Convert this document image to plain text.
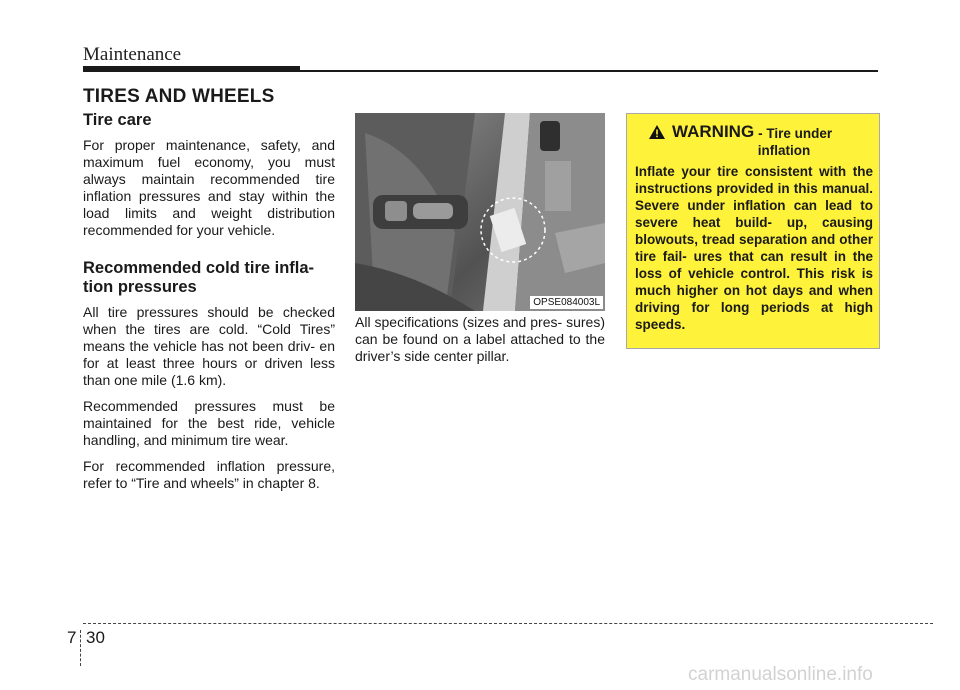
Maintenance
TIRES AND WHEELS
Tire care

For proper maintenance, safety, and maximum fuel economy, you must always maintain recommended tire inflation pressures and stay within the load limits and weight distribution recommended for your vehicle.

Recommended cold tire infla- tion pressures

All tire pressures should be checked when the tires are cold. “Cold Tires” means the vehicle has not been driv- en for at least three hours or driven less than one mile (1.6 km).

Recommended pressures must be maintained for the best ride, vehicle handling, and minimum tire wear.

For recommended inflation pressure, refer to “Tire and wheels” in chapter 8.

OPSE084003L

All specifications (sizes and pres- sures) can be found on a label attached to the driver’s side center pillar.

WARNING - Tire under
inflation

Inflate your tire consistent with the instructions provided in this manual. Severe under inflation can lead to severe heat build- up, causing blowouts, tread separation and other tire fail- ures that can result in the loss of vehicle control. This risk is much higher on hot days and when driving for long periods at high speeds.

7 30
carmanualsonline.info
